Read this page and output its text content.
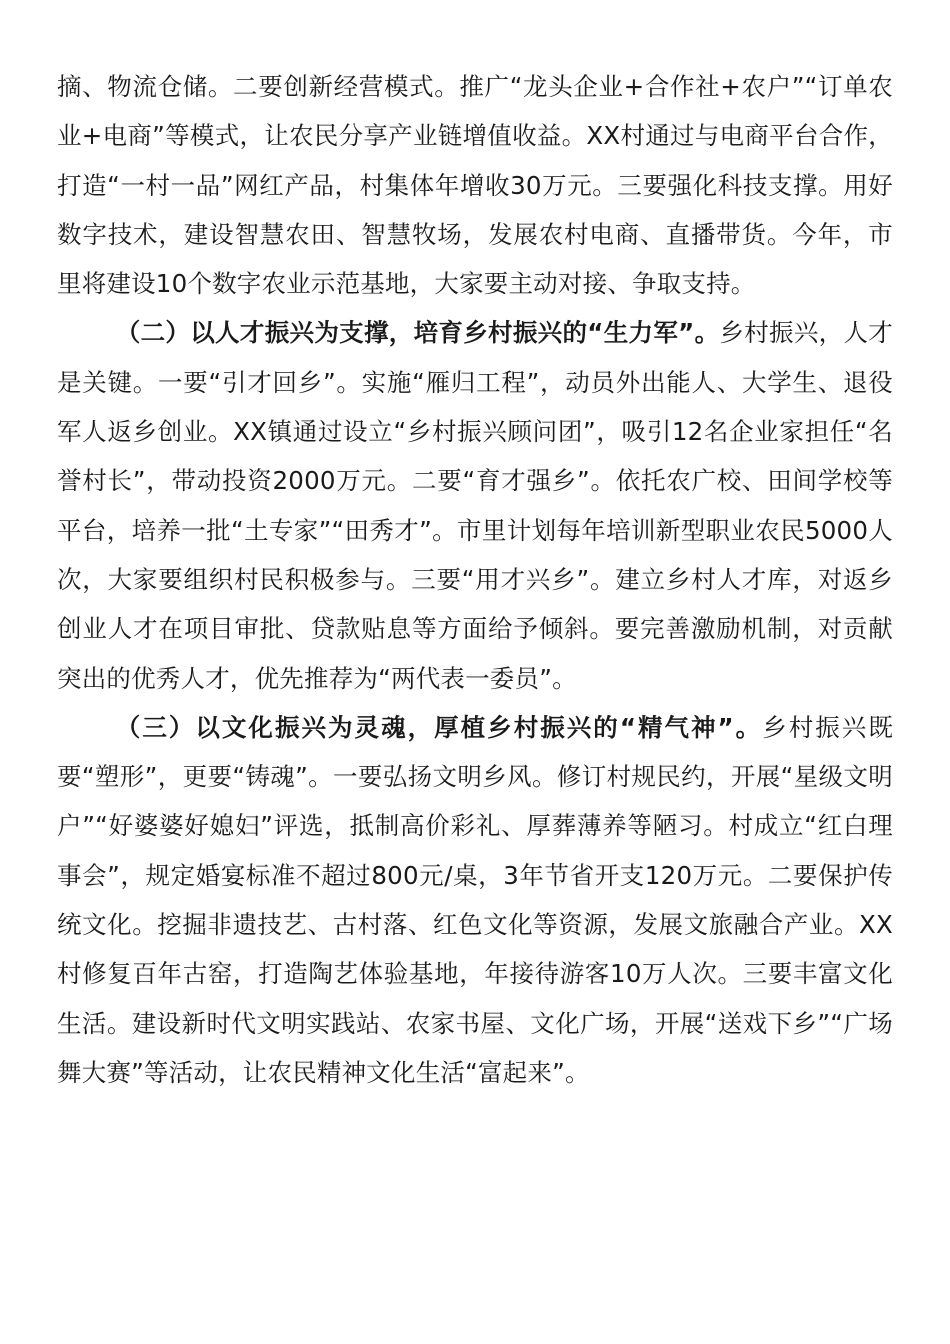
摘、物流仓储。二要创新经营模式。推广“龙头企业+合作社+农户”“订单农业+电商”等模式，让农民分享产业链增值收益。XX村通过与电商平台合作，打造“一村一品”网红产品，村集体年增收30万元。三要强化科技支撑。用好数字技术，建设智慧农田、智慧牧场，发展农村电商、直播带货。今年，市里将建设10个数字农业示范基地，大家要主动对接、争取支持。

（二）以人才振兴为支撑，培育乡村振兴的“生力军”。乡村振兴，人才是关键。一要“引才回乡”。实施“雁归工程”，动员外出能人、大学生、退役军人返乡创业。XX镇通过设立“乡村振兴顾问团”，吸引12名企业家担任“名誉村长”，带动投资2000万元。二要“育才强乡”。依托农广校、田间学校等平台，培养一批“土专家”“田秀才”。市里计划每年培训新型职业农民5000人次，大家要组织村民积极参与。三要“用才兴乡”。建立乡村人才库，对返乡创业人才在项目审批、贷款贴息等方面给予倾斜。要完善激励机制，对贡献突出的优秀人才，优先推荐为“两代表一委员”。

（三）以文化振兴为灵魂，厚植乡村振兴的“精气神”。乡村振兴既要“塑形”，更要“铸魂”。一要弘扬文明乡风。修订村规民约，开展“星级文明户”“好婆婆好媳妇”评选，抵制高价彩礼、厚葬薄养等陋习。村成立“红白理事会”，规定婚宴标准不超过800元/桌，3年节省开支120万元。二要保护传统文化。挖掘非遗技艺、古村落、红色文化等资源，发展文旅融合产业。XX村修复百年古窑，打造陶艺体验基地，年接待游客10万人次。三要丰富文化生活。建设新时代文明实践站、农家书屋、文化广场，开展“送戏下乡”“广场舞大赛”等活动，让农民精神文化生活“富起来”。
